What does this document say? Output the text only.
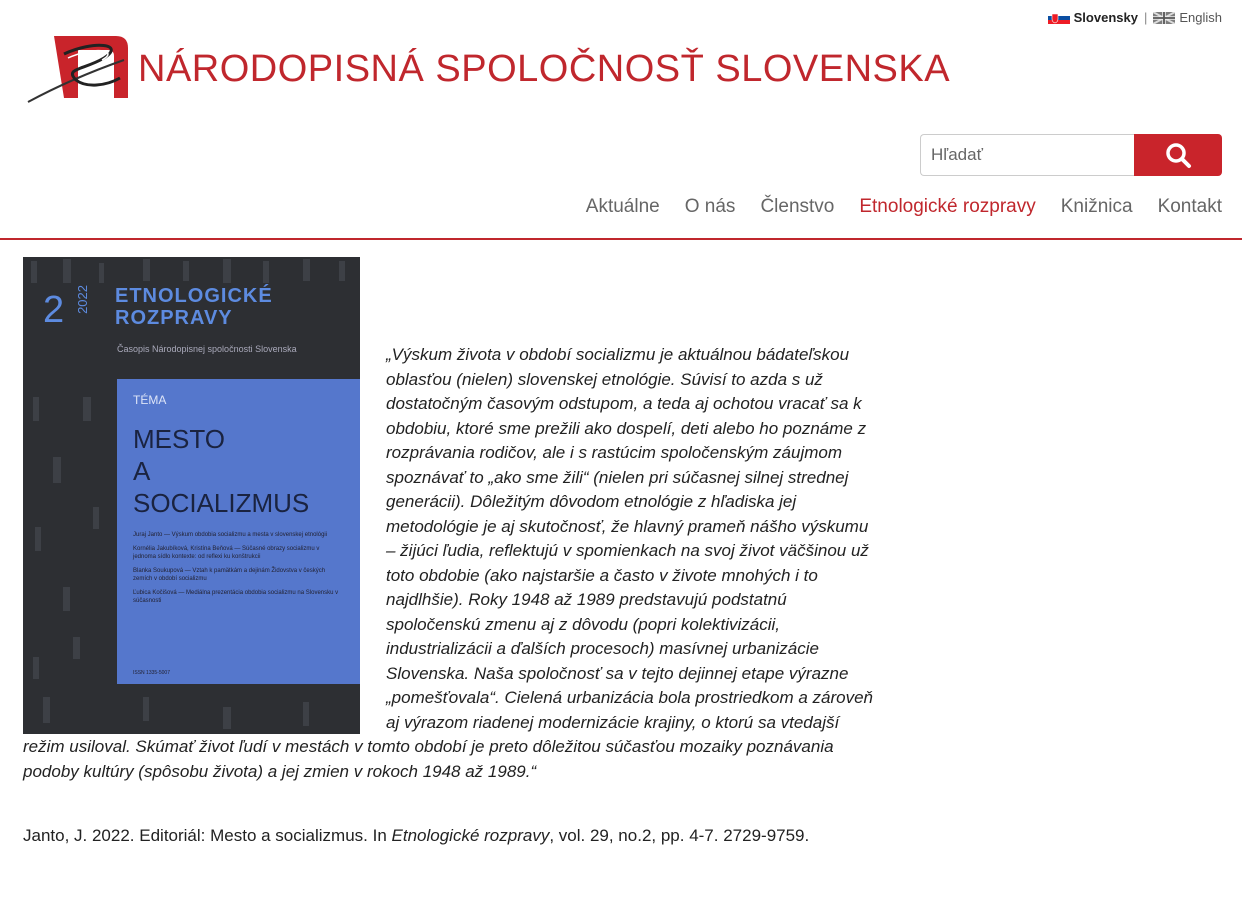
Slovensky | English
NÁRODOPISNÁ SPOLOČNOSŤ SLOVENSKA
Hľadať
Aktuálne O nás Členstvo Etnologické rozpravy Knižnica Kontakt
2 2022 ETNOLOGICKÉ
ROZPRAVY
Časopis Národopisnej spoločnosti Slovenska
TÉMA
MESTO
A
SOCIALIZMUS

Juraj Janto — Výskum obdobia socializmu a mesta v slovenskej etnológii

Kornélia Jakubíková, Kristína Beňová — Súčasné obrazy socializmu v jednoma sídlo kontexte: od reflexi ku konštrukcii

Blanka Soukupová — Vztah k pamätkám a dejinám Židovstva v českých zemích v období socializmu

Ľubica Kočišová — Mediálna prezentácia obdobia socializmu na Slovensku v súčasnosti

ISSN 1335-5007

„Výskum života v období socializmu je aktuálnou bádateľskou oblasťou (nielen) slovenskej etnológie. Súvisí to azda s už dostatočným časovým odstupom, a teda aj ochotou vracať sa k obdobiu, ktoré sme prežili ako dospelí, deti alebo ho poznáme z rozprávania rodičov, ale i s rastúcim spoločenským záujmom spoznávať to „ako sme žili“ (nielen pri súčasnej silnej strednej generácii). Dôležitým dôvodom etnológie z hľadiska jej metodológie je aj skutočnosť, že hlavný prameň nášho výskumu – žijúci ľudia, reflektujú v spomienkach na svoj život väčšinou už toto obdobie (ako najstaršie a často v živote mnohých i to najdlhšie). Roky 1948 až 1989 predstavujú podstatnú spoločenskú zmenu aj z dôvodu (popri kolektivizácii, industrializácii a ďalších procesoch) masívnej urbanizácie Slovenska. Naša spoločnosť sa v tejto dejinnej etape výrazne „pomešťovala“. Cielená urbanizácia bola prostriedkom a zároveň aj výrazom riadenej modernizácie krajiny, o ktorú sa vtedajší režim usiloval. Skúmať život ľudí v mestách v tomto období je preto dôležitou súčasťou mozaiky poznávania podoby kultúry (spôsobu života) a jej zmien v rokoch 1948 až 1989.“

Janto, J. 2022. Editoriál: Mesto a socializmus. In Etnologické rozpravy, vol. 29, no.2, pp. 4-7. 2729-9759.
